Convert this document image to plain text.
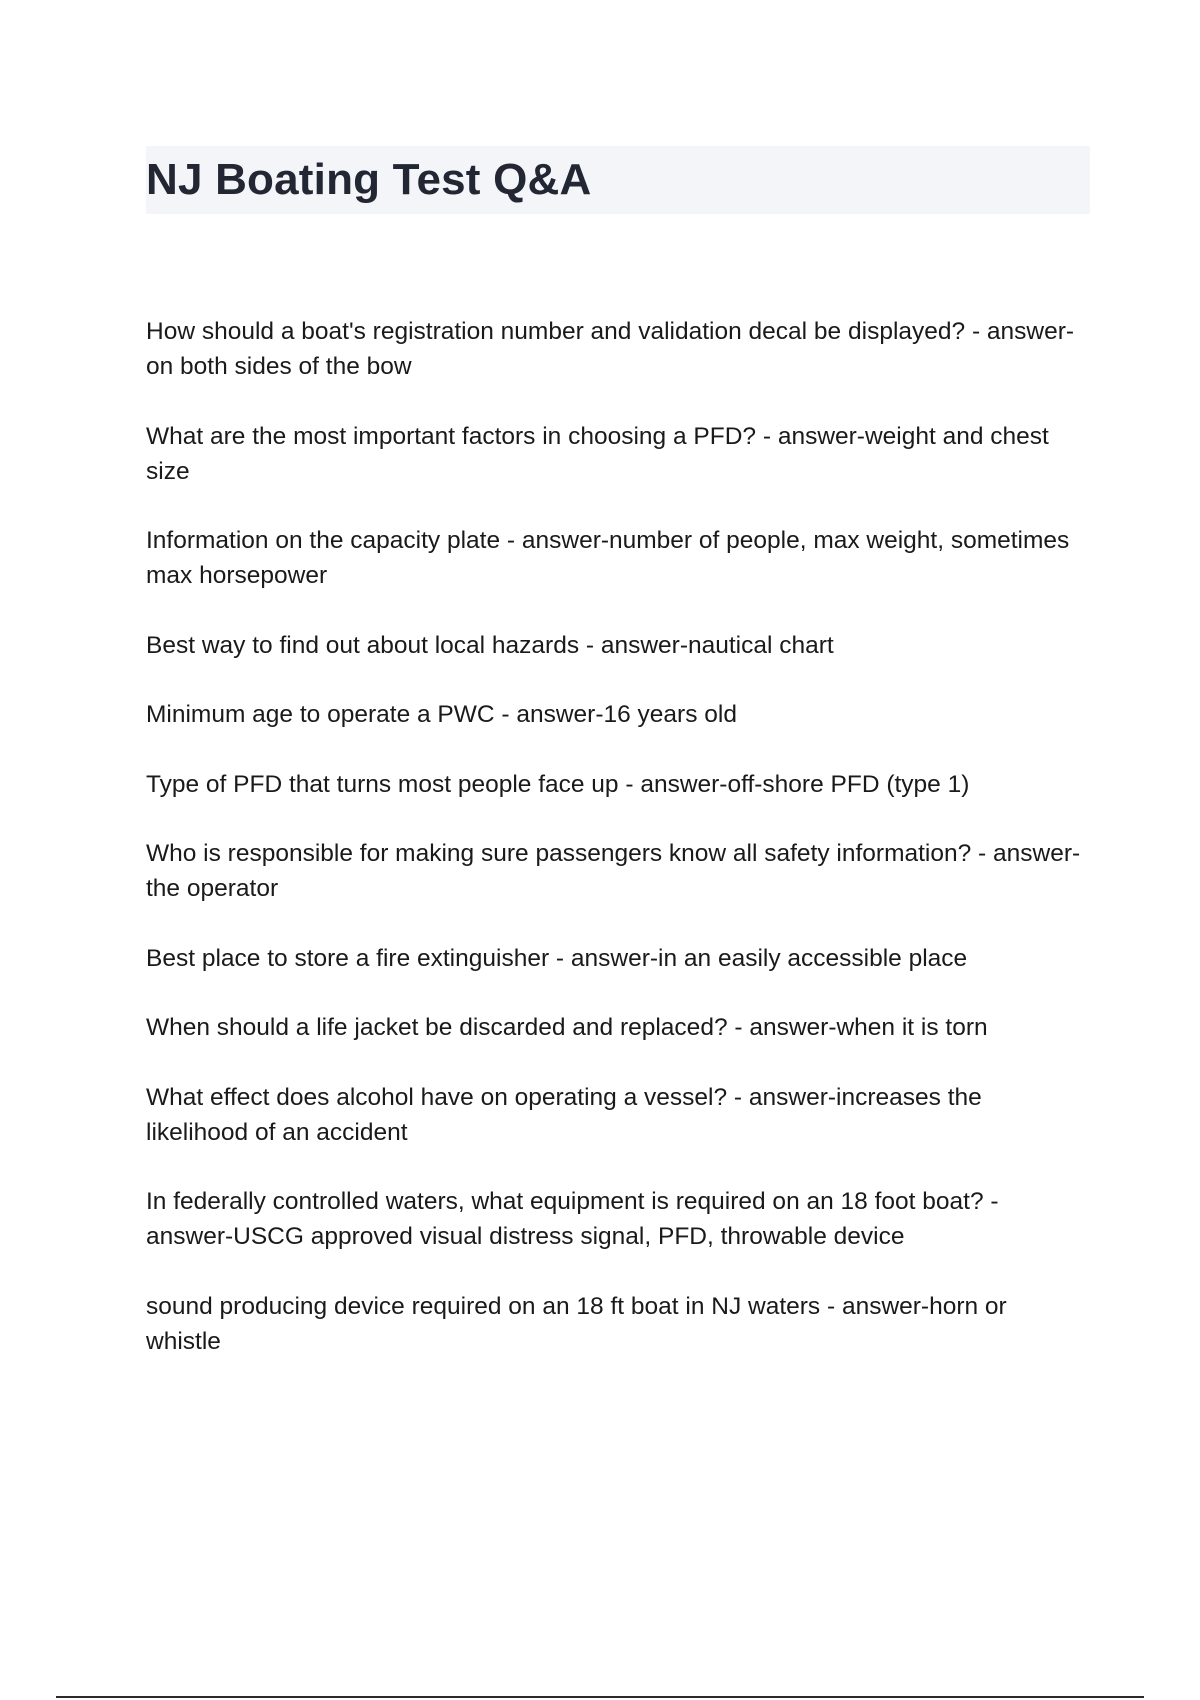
NJ Boating Test Q&A
How should a boat's registration number and validation decal be displayed? - answer-on both sides of the bow
What are the most important factors in choosing a PFD? - answer-weight and chest size
Information on the capacity plate - answer-number of people, max weight, sometimes max horsepower
Best way to find out about local hazards - answer-nautical chart
Minimum age to operate a PWC - answer-16 years old
Type of PFD that turns most people face up - answer-off-shore PFD (type 1)
Who is responsible for making sure passengers know all safety information? - answer-the operator
Best place to store a fire extinguisher - answer-in an easily accessible place
When should a life jacket be discarded and replaced? - answer-when it is torn
What effect does alcohol have on operating a vessel? - answer-increases the likelihood of an accident
In federally controlled waters, what equipment is required on an 18 foot boat? - answer-USCG approved visual distress signal, PFD, throwable device
sound producing device required on an 18 ft boat in NJ waters - answer-horn or whistle
